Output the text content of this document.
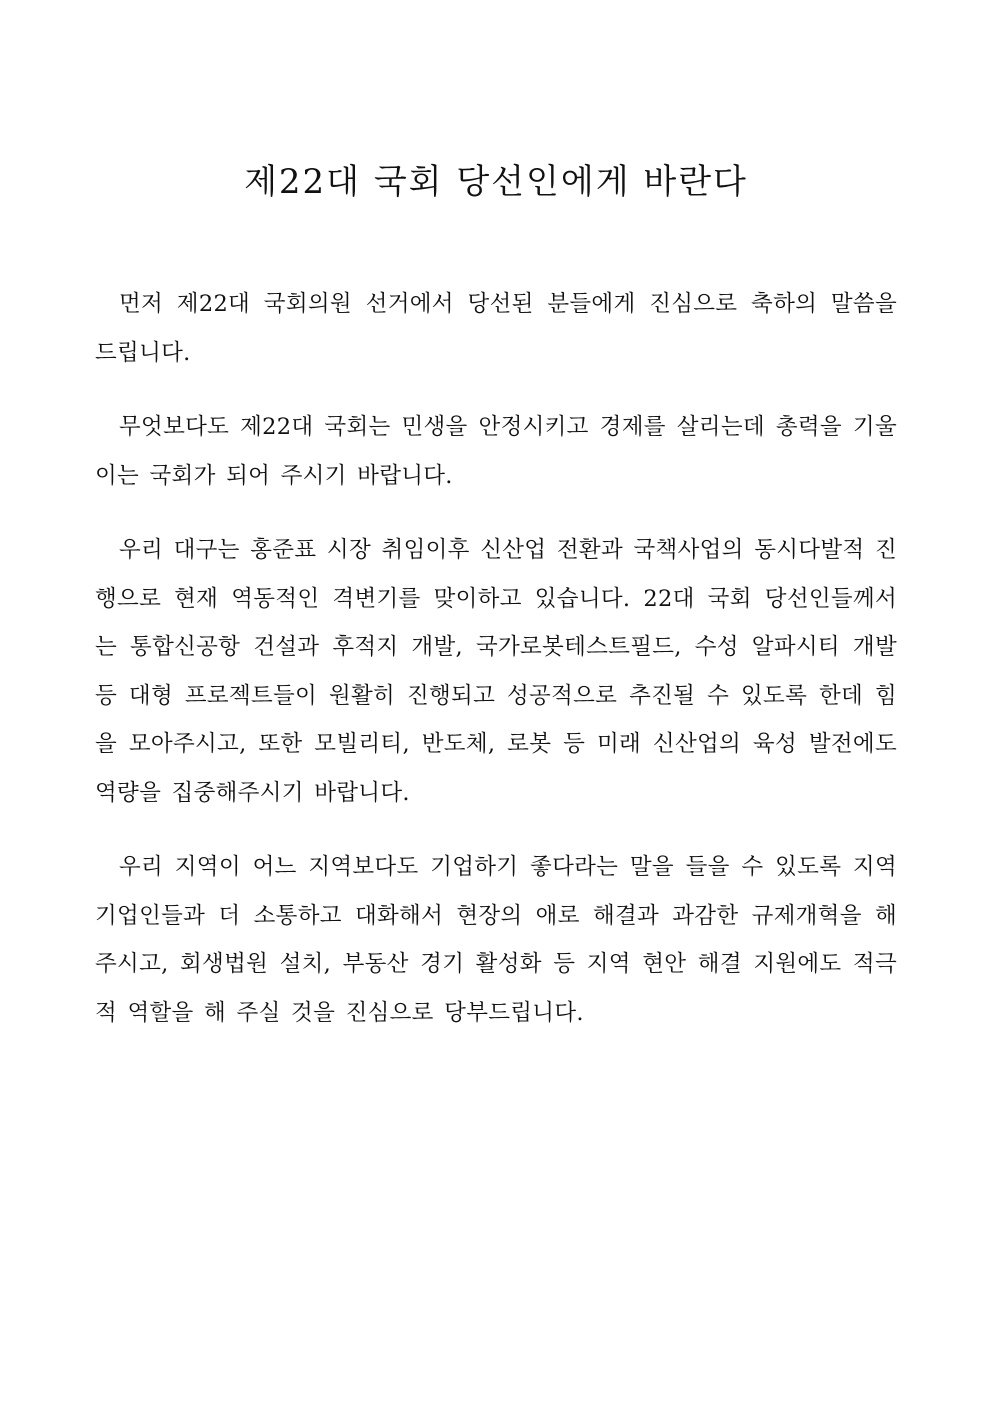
제22대 국회 당선인에게 바란다

먼저 제22대 국회의원 선거에서 당선된 분들에게 진심으로 축하의 말씀을 드립니다.

무엇보다도 제22대 국회는 민생을 안정시키고 경제를 살리는데 총력을 기울이는 국회가 되어 주시기 바랍니다.

우리 대구는 홍준표 시장 취임이후 신산업 전환과 국책사업의 동시다발적 진행으로 현재 역동적인 격변기를 맞이하고 있습니다. 22대 국회 당선인들께서는 통합신공항 건설과 후적지 개발, 국가로봇테스트필드, 수성 알파시티 개발 등 대형 프로젝트들이 원활히 진행되고 성공적으로 추진될 수 있도록 한데 힘을 모아주시고, 또한 모빌리티, 반도체, 로봇 등 미래 신산업의 육성 발전에도 역량을 집중해주시기 바랍니다.

우리 지역이 어느 지역보다도 기업하기 좋다라는 말을 들을 수 있도록 지역 기업인들과 더 소통하고 대화해서 현장의 애로 해결과 과감한 규제개혁을 해 주시고, 회생법원 설치, 부동산 경기 활성화 등 지역 현안 해결 지원에도 적극적 역할을 해 주실 것을 진심으로 당부드립니다.
